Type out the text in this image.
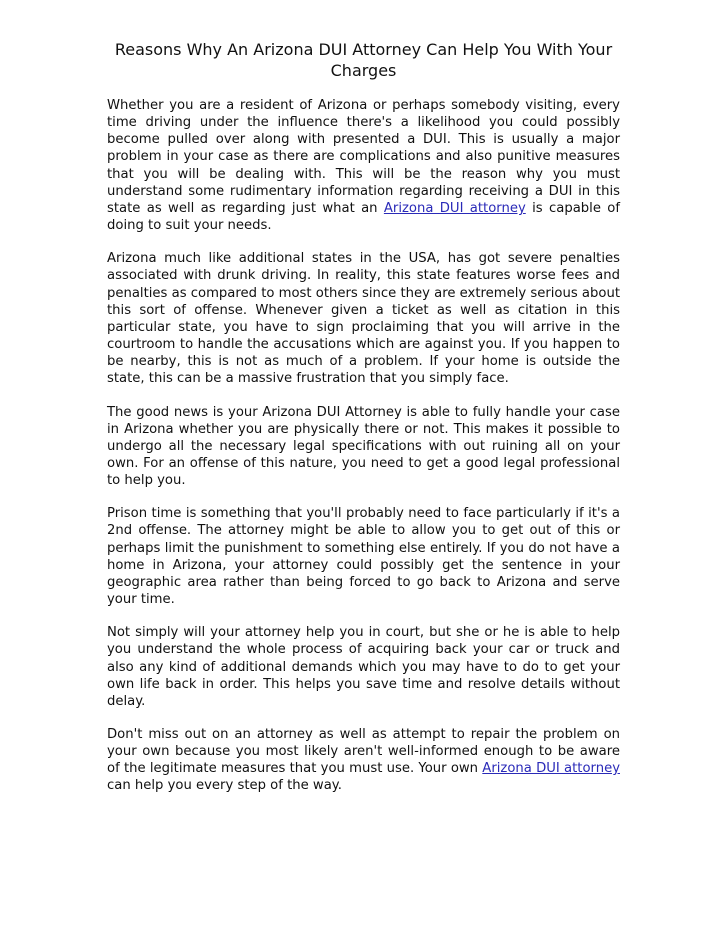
Reasons Why An Arizona DUI Attorney Can Help You With Your Charges

Whether you are a resident of Arizona or perhaps somebody visiting, every time driving under the influence there's a likelihood you could possibly become pulled over along with presented a DUI. This is usually a major problem in your case as there are complications and also punitive measures that you will be dealing with. This will be the reason why you must understand some rudimentary information regarding receiving a DUI in this state as well as regarding just what an Arizona DUI attorney is capable of doing to suit your needs.

Arizona much like additional states in the USA, has got severe penalties associated with drunk driving. In reality, this state features worse fees and penalties as compared to most others since they are extremely serious about this sort of offense. Whenever given a ticket as well as citation in this particular state, you have to sign proclaiming that you will arrive in the courtroom to handle the accusations which are against you. If you happen to be nearby, this is not as much of a problem. If your home is outside the state, this can be a massive frustration that you simply face.

The good news is your Arizona DUI Attorney is able to fully handle your case in Arizona whether you are physically there or not. This makes it possible to undergo all the necessary legal specifications with out ruining all on your own. For an offense of this nature, you need to get a good legal professional to help you.

Prison time is something that you'll probably need to face particularly if it's a 2nd offense. The attorney might be able to allow you to get out of this or perhaps limit the punishment to something else entirely. If you do not have a home in Arizona, your attorney could possibly get the sentence in your geographic area rather than being forced to go back to Arizona and serve your time.

Not simply will your attorney help you in court, but she or he is able to help you understand the whole process of acquiring back your car or truck and also any kind of additional demands which you may have to do to get your own life back in order. This helps you save time and resolve details without delay.

Don't miss out on an attorney as well as attempt to repair the problem on your own because you most likely aren't well-informed enough to be aware of the legitimate measures that you must use. Your own Arizona DUI attorney can help you every step of the way.
